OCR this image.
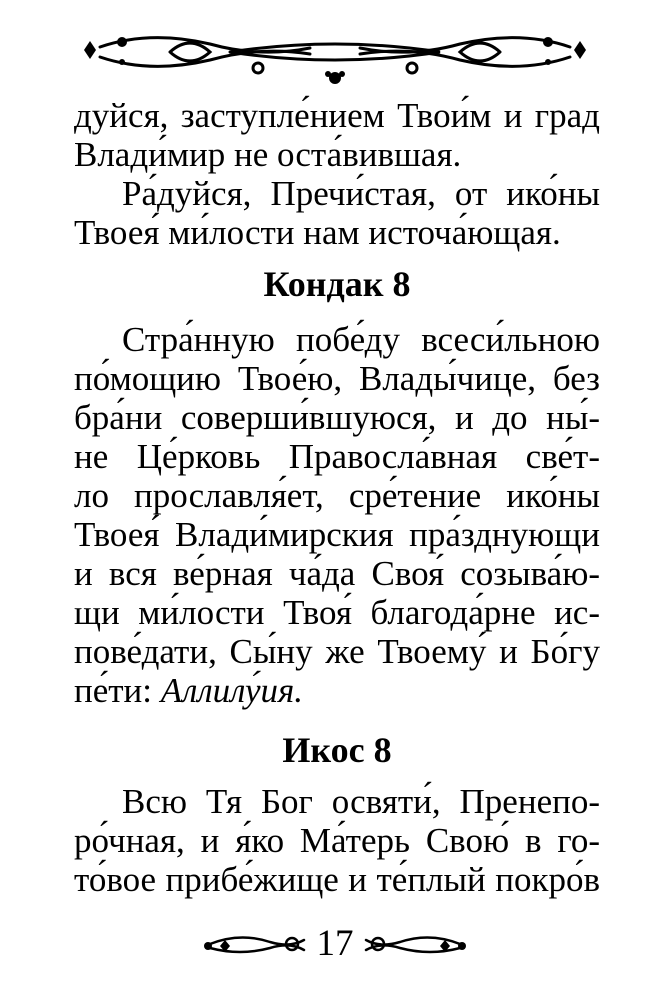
дуйся, заступле́нием Твои́м и град
Влади́мир не оста́вившая.
Ра́дуйся, Пречи́стая, от ико́ны
Твоея́ ми́лости нам источа́ющая.
Кондак 8
Стра́нную побе́ду всеси́льною
по́мощию Твое́ю, Влады́чице, без
бра́ни соверши́вшуюся, и до ны́-
не Це́рковь Правосла́вная све́т-
ло прославля́ет, сре́тение ико́ны
Твоея́ Влади́мирския пра́зднующи
и вся ве́рная ча́да Своя́ созыва́ю-
щи ми́лости Твоя́ благода́рне ис-
пове́дати, Сы́ну же Твоему́ и Бо́гу
пе́ти: Аллилу́ия.
Икос 8
Всю Тя Бог освяти́, Пренепо-
ро́чная, и я́ко Ма́терь Свою́ в го-
то́вое прибе́жище и те́плый покро́в
17
